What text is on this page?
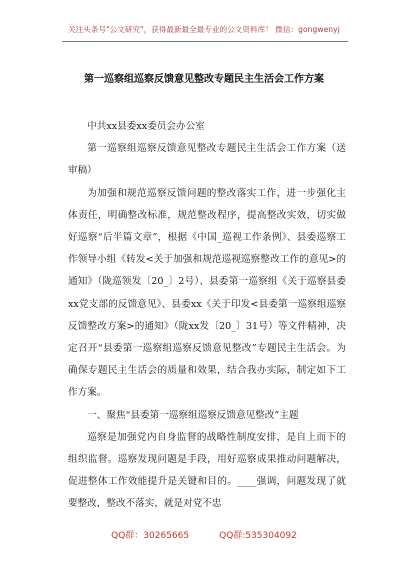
关注头条号"公文研究"，获得最新最全最专业的公文资料库！ 微信：gongwenyj
第一巡察组巡察反馈意见整改专题民主生活会工作方案

中共xx县委xx委员会办公室

第一巡察组巡察反馈意见整改专题民主生活会工作方案（送审稿）

为加强和规范巡察反馈问题的整改落实工作，进一步强化主体责任，明确整改标准，规范整改程序，提高整改实效，切实做好巡察“后半篇文章”，根据《中国_巡视工作条例》、县委巡察工作领导小组《转发<关于加强和规范巡视巡察整改工作的意见>的通知》（陇巡领发〔20_〕2号）、县委第一巡察组《关于巡察县委xx党支部的反馈意见》、县委xx《关于印发<县委第一巡察组巡察反馈整改方案>的通知》（陇xx发〔20_〕31号）等文件精神，决定召开“县委第一巡察组巡察反馈意见整改”专题民主生活会。为确保专题民主生活会的质量和效果，结合我办实际，制定如下工作方案。

一、聚焦“县委第一巡察组巡察反馈意见整改”主题

巡察是加强党内自身监督的战略性制度安排，是自上而下的组织监督。巡察发现问题是手段，用好巡察成果推动问题解决，促进整体工作效能提升是关键和目的。____强调，问题发现了就要整改，整改不落实，就是对党不忠

QQ群：30265665	QQ群:535304092
